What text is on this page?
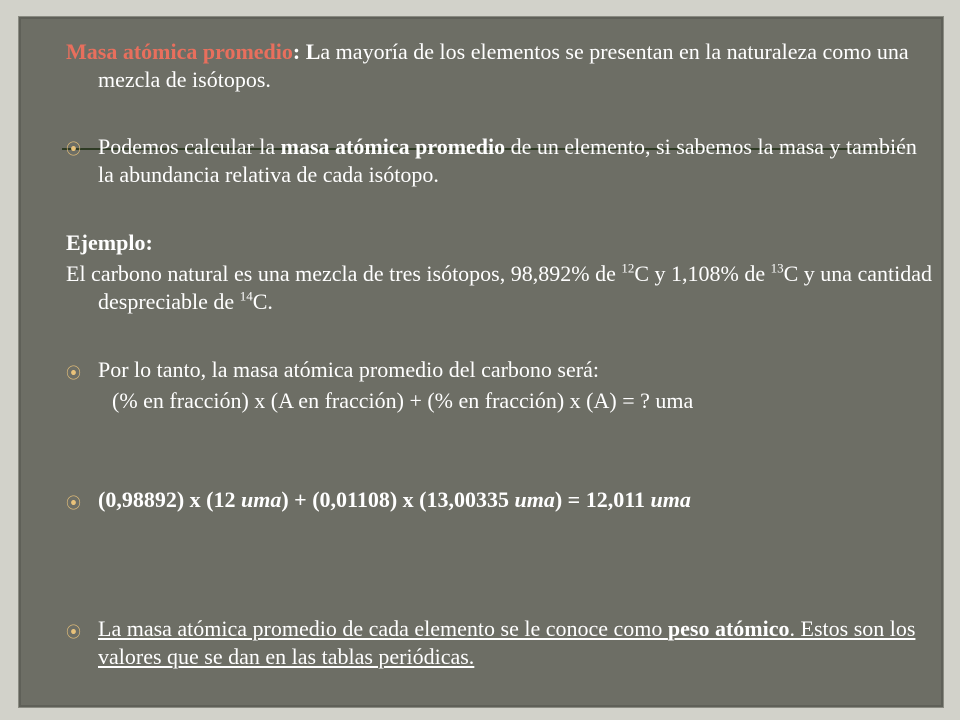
Masa atómica promedio: La mayoría de los elementos se presentan en la naturaleza como una mezcla de isótopos.
⦿ Podemos calcular la masa atómica promedio de un elemento, si sabemos la masa y también la abundancia relativa de cada isótopo.
Ejemplo:
El carbono natural es una mezcla de tres isótopos, 98,892% de $^{12}$C y 1,108% de $^{13}$C y una cantidad despreciable de $^{14}$C.
⦿ Por lo tanto, la masa atómica promedio del carbono será:
(% en fracción) x (A en fracción) + (% en fracción) x (A) = ? uma
⦿ (0,98892) x (12 uma) + (0,01108) x (13,00335 uma) = 12,011 uma
⦿ La masa atómica promedio de cada elemento se le conoce como peso atómico. Estos son los valores que se dan en las tablas periódicas.
